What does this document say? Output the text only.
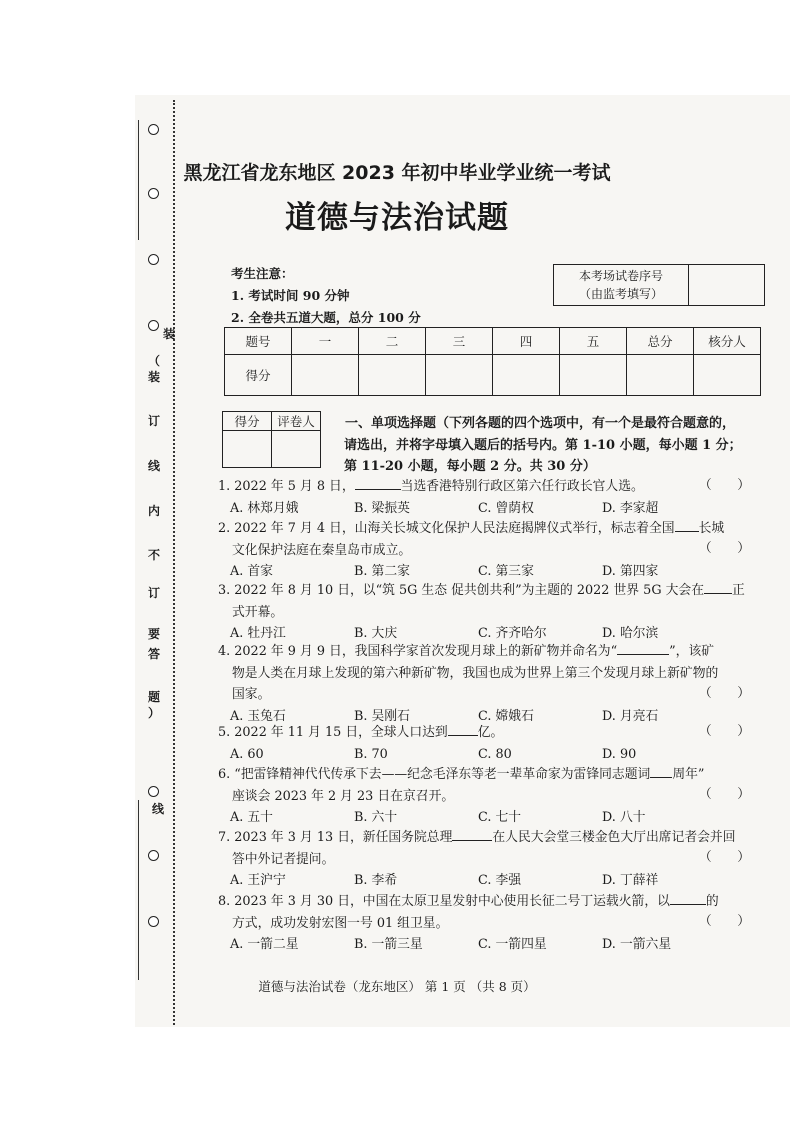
装
线
（
装
订
线
内
不
订
要
答
题
）
黑龙江省龙东地区 2023 年初中毕业学业统一考试
道德与法治试题
考生注意：
1. 考试时间 90 分钟
2. 全卷共五道大题，总分 100 分
本考场试卷序号
（由监考填写）
题号	一	二	三	四	五	总分	核分人
得分							
得分	评卷人
	一、单项选择题（下列各题的四个选项中，有一个是最符合题意的，
请选出，并将字母填入题后的括号内。第 1-10 小题，每小题 1 分；
第 11-20 小题，每小题 2 分。共 30 分）
1. 2022 年 5 月 8 日，	当选香港特别行政区第六任行政长官人选。	（　　）
A. 林郑月娥	B. 梁振英	C. 曾荫权	D. 李家超
2. 2022 年 7 月 4 日，山海关长城文化保护人民法庭揭牌仪式举行，标志着全国 长城
文化保护法庭在秦皇岛市成立。	（　　）
A. 首家	B. 第二家	C. 第三家	D. 第四家
3. 2022 年 8 月 10 日，以“筑 5G 生态 促共创共利”为主题的 2022 世界 5G 大会在 正
式开幕。
A. 牡丹江	B. 大庆	C. 齐齐哈尔	D. 哈尔滨
4. 2022 年 9 月 9 日，我国科学家首次发现月球上的新矿物并命名为“	”，该矿
物是人类在月球上发现的第六种新矿物，我国也成为世界上第三个发现月球上新矿物的
国家。	（　　）
A. 玉兔石	B. 吴刚石	C. 嫦娥石	D. 月亮石
5. 2022 年 11 月 15 日，全球人口达到 亿。	（　　）
A. 60	B. 70	C. 80	D. 90
6. “把雷锋精神代代传承下去——纪念毛泽东等老一辈革命家为雷锋同志题词 周年”
座谈会 2023 年 2 月 23 日在京召开。	（　　）
A. 五十	B. 六十	C. 七十	D. 八十
7. 2023 年 3 月 13 日，新任国务院总理	在人民大会堂三楼金色大厅出席记者会并回
答中外记者提问。	（　　）
A. 王沪宁	B. 李希	C. 李强	D. 丁薛祥
8. 2023 年 3 月 30 日，中国在太原卫星发射中心使用长征二号丁运载火箭，以	的
方式，成功发射宏图一号 01 组卫星。	（　　）
A. 一箭二星	B. 一箭三星	C. 一箭四星	D. 一箭六星
道德与法治试卷（龙东地区） 第 1 页 （共 8 页）
